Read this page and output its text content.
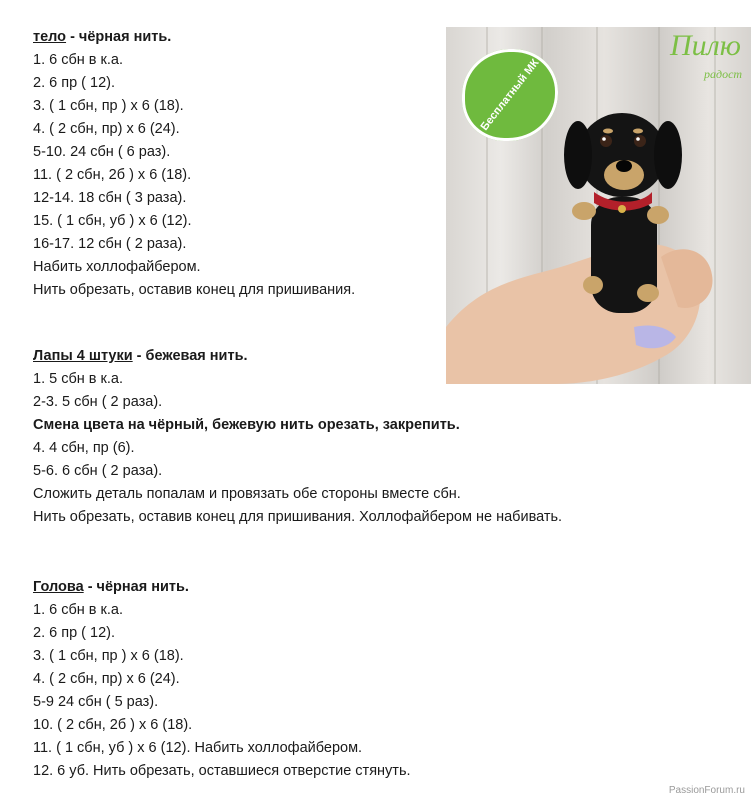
тело - чёрная нить.

1. 6 сбн в к.а.

2. 6 пр ( 12).

3. ( 1 сбн, пр ) х 6 (18).

4. ( 2 сбн, пр) х 6 (24).

5-10. 24 сбн ( 6 раз).

11. ( 2 сбн, 2б ) х 6 (18).

12-14. 18 сбн ( 3 раза).

15. ( 1 сбн, уб ) х 6 (12).

16-17. 12 сбн ( 2 раза).

Набить холлофайбером.

Нить обрезать, оставив конец для пришивания.

Бесплатный МК
Пилю
радост

Лапы 4 штуки - бежевая нить.

1. 5 сбн в к.а.

2-3. 5 сбн ( 2 раза).

Смена цвета на чёрный, бежевую нить орезать, закрепить.

4. 4 сбн, пр (6).

5-6. 6 сбн ( 2 раза).

Сложить деталь попалам и провязать обе стороны вместе сбн.

Нить обрезать, оставив конец для пришивания. Холлофайбером не набивать.

Голова - чёрная нить.

1. 6 сбн в к.а.

2. 6 пр ( 12).

3. ( 1 сбн, пр ) х 6 (18).

4. ( 2 сбн, пр) х 6 (24).

5-9 24 сбн ( 5 раз).

10. ( 2 сбн, 2б ) х 6 (18).

11. ( 1 сбн, уб ) х 6 (12). Набить холлофайбером.

12. 6 уб. Нить обрезать, оставшиеся отверстие стянуть.

PassionForum.ru
